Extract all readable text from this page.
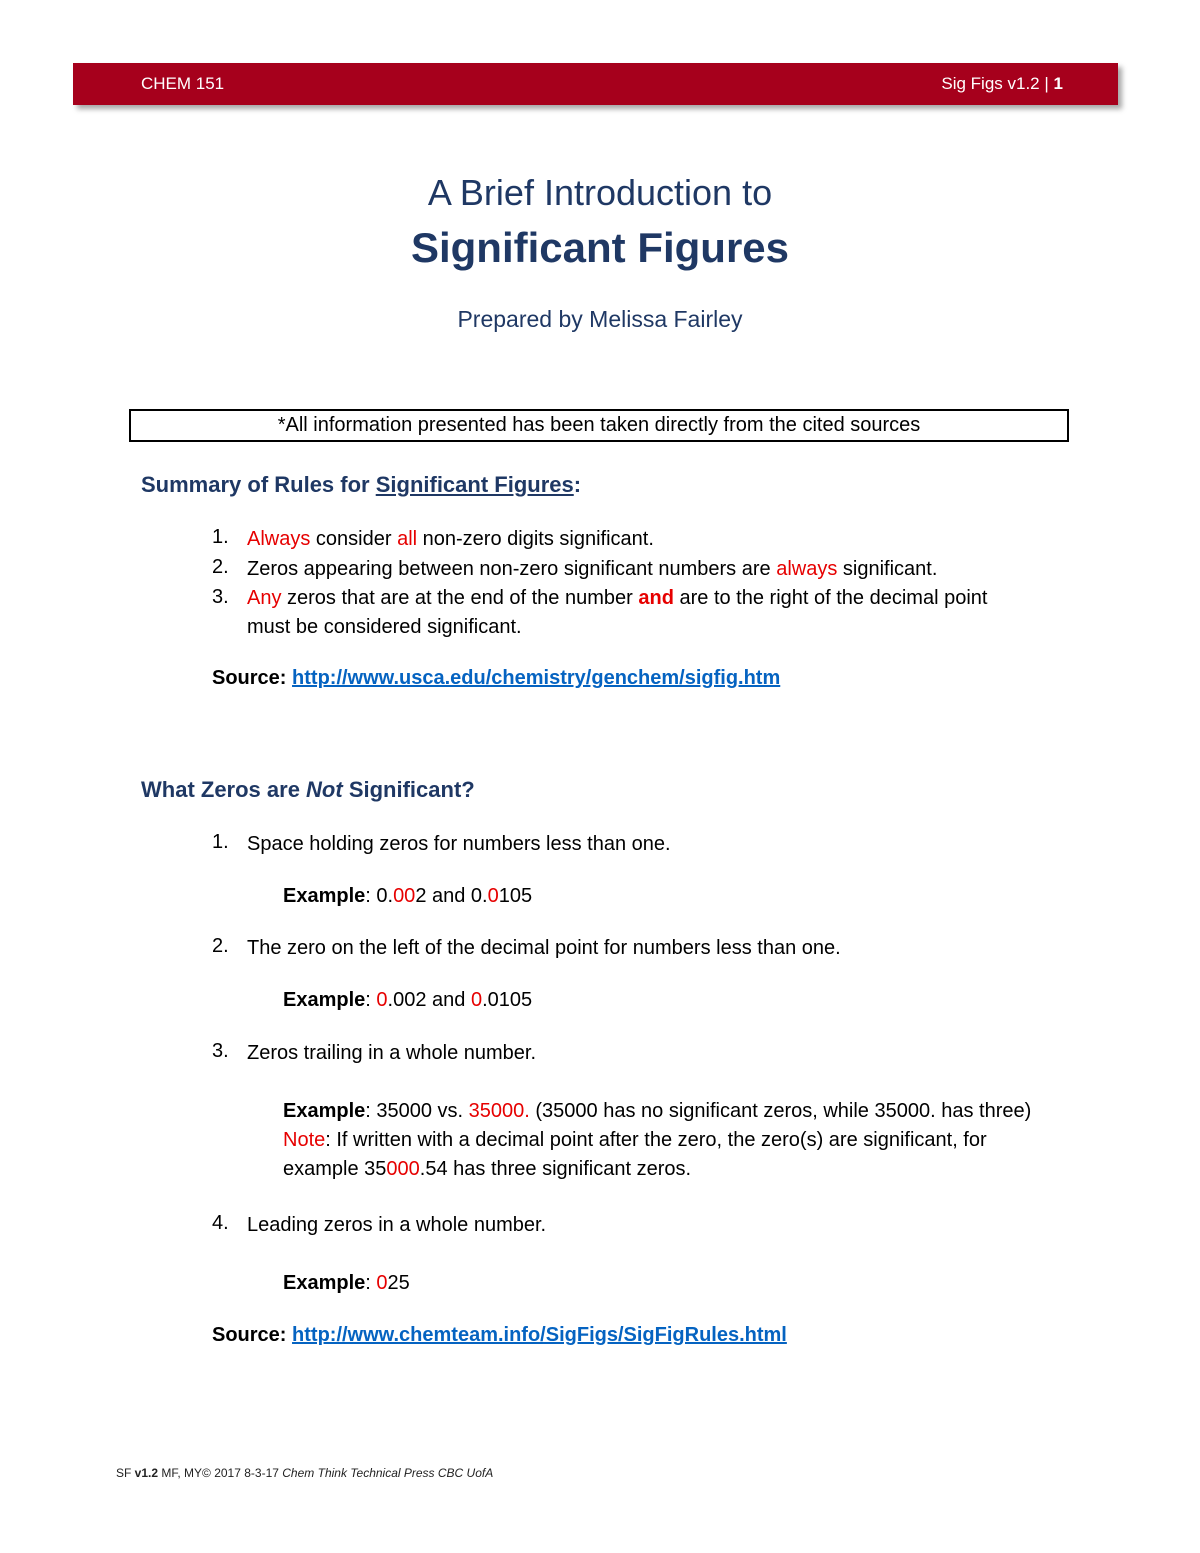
CHEM 151	Sig Figs v1.2 | 1
A Brief Introduction to
Significant Figures
Prepared by Melissa Fairley
*All information presented has been taken directly from the cited sources
Summary of Rules for Significant Figures:
1. Always consider all non-zero digits significant.
2. Zeros appearing between non-zero significant numbers are always significant.
3. Any zeros that are at the end of the number and are to the right of the decimal point
must be considered significant.
Source: http://www.usca.edu/chemistry/genchem/sigfig.htm
What Zeros are Not Significant?
1. Space holding zeros for numbers less than one.
Example: 0.002 and 0.0105
2. The zero on the left of the decimal point for numbers less than one.
Example: 0.002 and 0.0105
3. Zeros trailing in a whole number.
Example: 35000 vs. 35000. (35000 has no significant zeros, while 35000. has three)
Note: If written with a decimal point after the zero, the zero(s) are significant, for
example 35000.54 has three significant zeros.
4. Leading zeros in a whole number.
Example: 025
Source: http://www.chemteam.info/SigFigs/SigFigRules.html
SF v1.2 MF, MY© 2017 8-3-17 Chem Think Technical Press CBC UofA
